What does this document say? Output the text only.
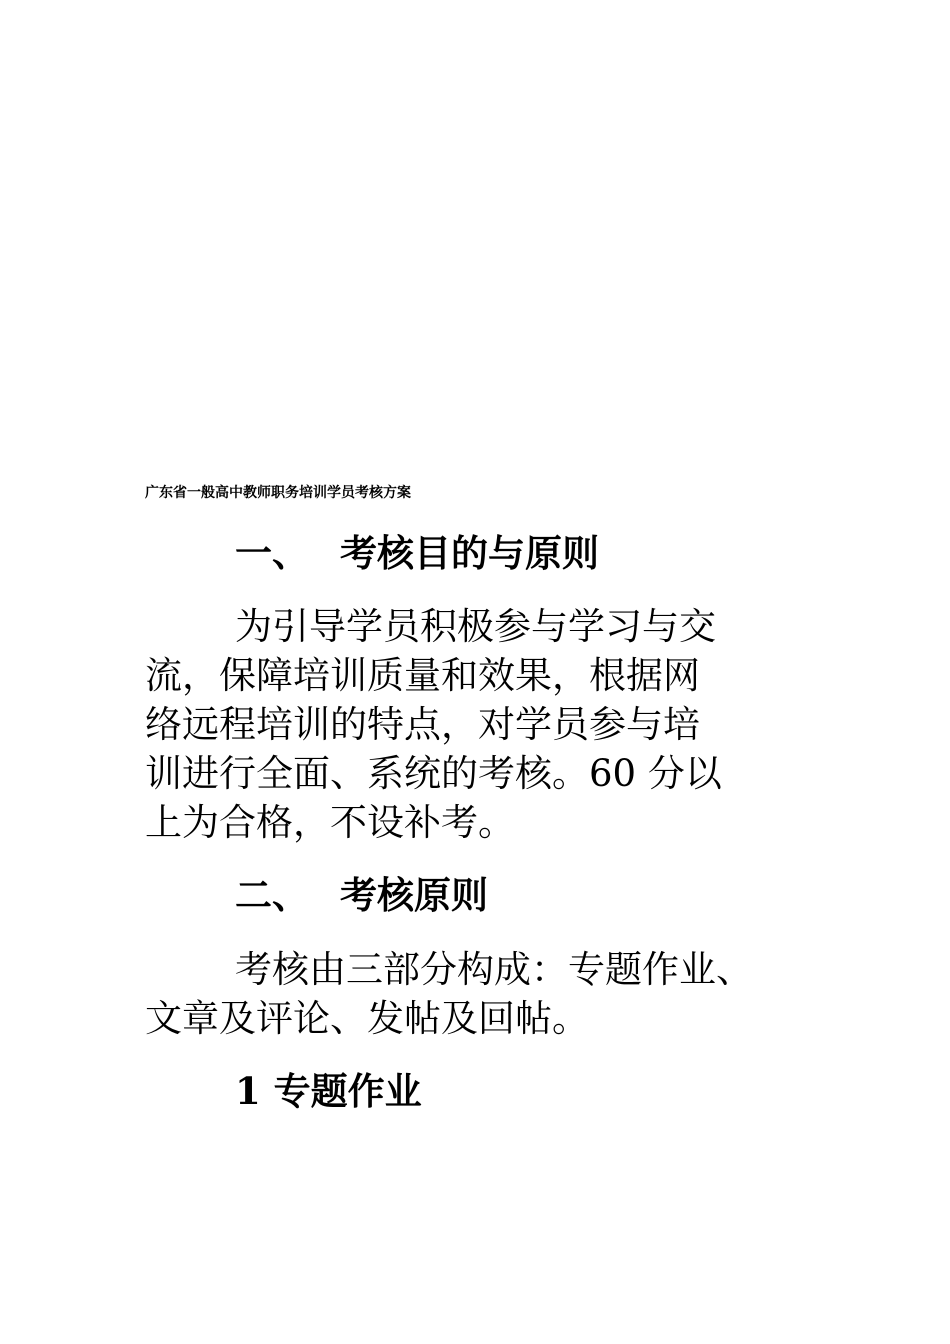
广东省一般高中教师职务培训学员考核方案
一、 考核目的与原则
为引导学员积极参与学习与交
流，保障培训质量和效果，根据网
络远程培训的特点，对学员参与培
训进行全面、系统的考核。60 分以
上为合格，不设补考。
二、 考核原则
考核由三部分构成：专题作业、
文章及评论、发帖及回帖。
1 专题作业
